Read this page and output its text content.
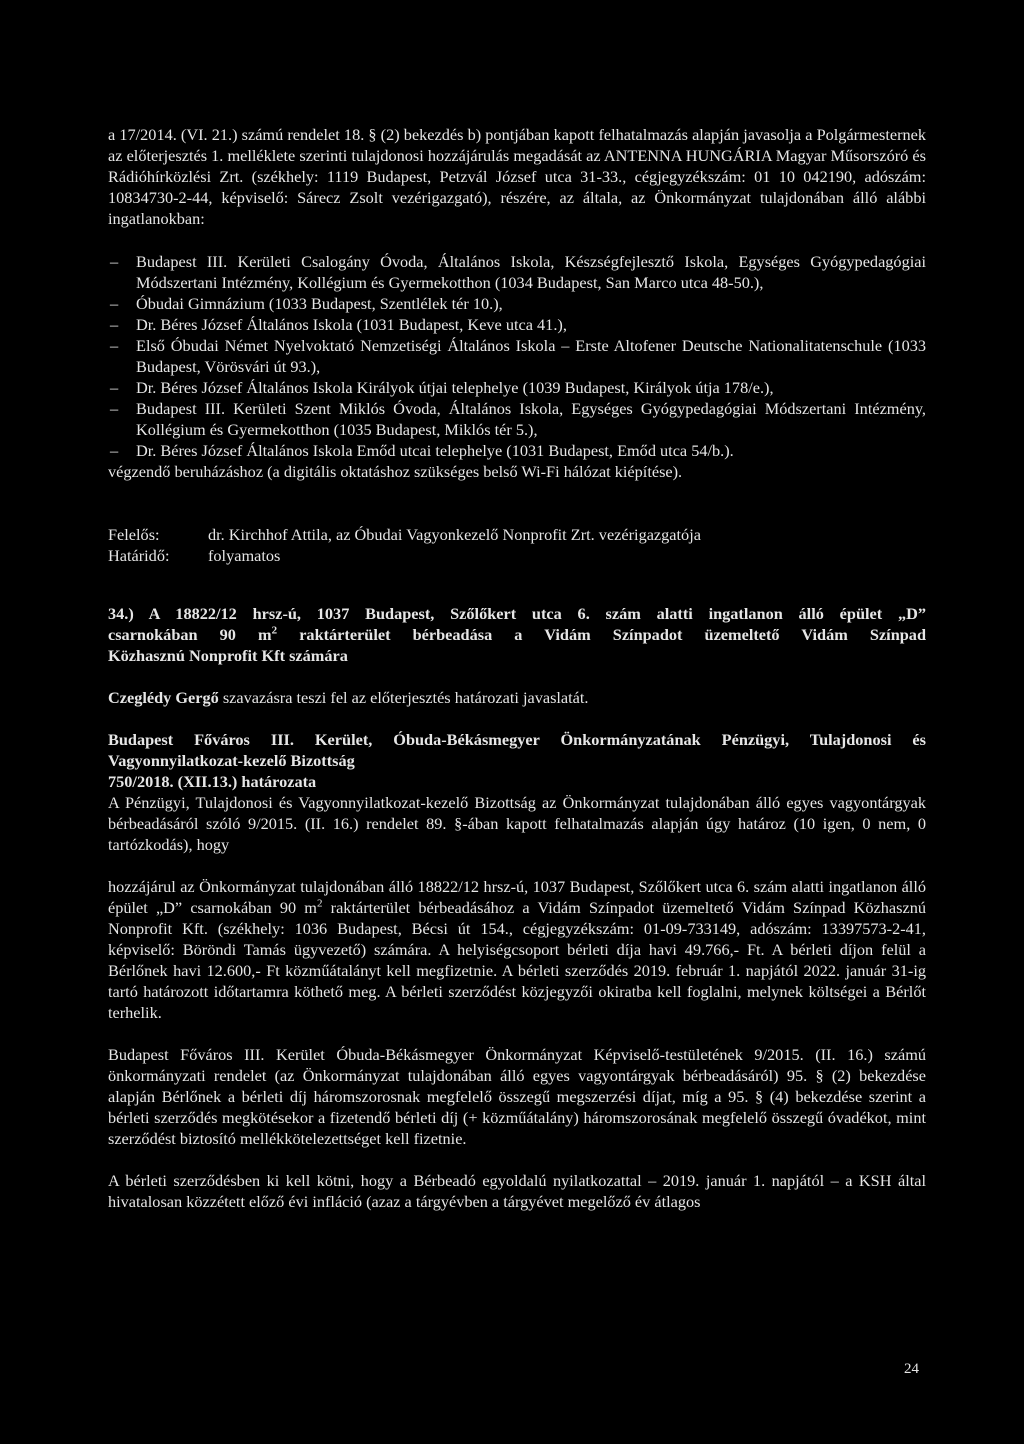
a 17/2014. (VI. 21.) számú rendelet 18. § (2) bekezdés b) pontjában kapott felhatalmazás alapján javasolja a Polgármesternek az előterjesztés 1. melléklete szerinti tulajdonosi hozzájárulás megadását az ANTENNA HUNGÁRIA Magyar Műsorszóró és Rádióhírközlési Zrt. (székhely: 1119 Budapest, Petzvál József utca 31-33., cégjegyzékszám: 01 10 042190, adószám: 10834730-2-44, képviselő: Sárecz Zsolt vezérigazgató), részére, az általa, az Önkormányzat tulajdonában álló alábbi ingatlanokban:

–	Budapest III. Kerületi Csalogány Óvoda, Általános Iskola, Készségfejlesztő Iskola, Egységes Gyógypedagógiai Módszertani Intézmény, Kollégium és Gyermekotthon (1034 Budapest, San Marco utca 48-50.),
–	Óbudai Gimnázium (1033 Budapest, Szentlélek tér 10.),
–	Dr. Béres József Általános Iskola (1031 Budapest, Keve utca 41.),
–	Első Óbudai Német Nyelvoktató Nemzetiségi Általános Iskola – Erste Altofener Deutsche Nationalitatenschule (1033 Budapest, Vörösvári út 93.),
–	Dr. Béres József Általános Iskola Királyok útjai telephelye (1039 Budapest, Királyok útja 178/e.),
–	Budapest III. Kerületi Szent Miklós Óvoda, Általános Iskola, Egységes Gyógypedagógiai Módszertani Intézmény, Kollégium és Gyermekotthon (1035 Budapest, Miklós tér 5.),
–	Dr. Béres József Általános Iskola Emőd utcai telephelye (1031 Budapest, Emőd utca 54/b.).

végzendő beruházáshoz (a digitális oktatáshoz szükséges belső Wi-Fi hálózat kiépítése).

Felelős:	dr. Kirchhof Attila, az Óbudai Vagyonkezelő Nonprofit Zrt. vezérigazgatója
Határidő:	folyamatos

34.) A 18822/12 hrsz-ú, 1037 Budapest, Szőlőkert utca 6. szám alatti ingatlanon álló épület „D”

csarnokában 90 $m^2$ raktárterület bérbeadása a Vidám Színpadot üzemeltető Vidám Színpad

Közhasznú Nonprofit Kft számára

Czeglédy Gergő szavazásra teszi fel az előterjesztés határozati javaslatát.

Budapest Főváros III. Kerület, Óbuda-Békásmegyer Önkormányzatának Pénzügyi, Tulajdonosi és Vagyonnyilatkozat-kezelő Bizottság

750/2018. (XII.13.) határozata

A Pénzügyi, Tulajdonosi és Vagyonnyilatkozat-kezelő Bizottság az Önkormányzat tulajdonában álló egyes vagyontárgyak bérbeadásáról szóló 9/2015. (II. 16.) rendelet 89. §-ában kapott felhatalmazás alapján úgy határoz (10 igen, 0 nem, 0 tartózkodás), hogy

hozzájárul az Önkormányzat tulajdonában álló 18822/12 hrsz-ú, 1037 Budapest, Szőlőkert utca 6. szám alatti ingatlanon álló épület „D” csarnokában 90 $m^2$ raktárterület bérbeadásához a Vidám Színpadot üzemeltető Vidám Színpad Közhasznú Nonprofit Kft. (székhely: 1036 Budapest, Bécsi út 154., cégjegyzékszám: 01-09-733149, adószám: 13397573-2-41, képviselő: Böröndi Tamás ügyvezető) számára. A helyiségcsoport bérleti díja havi 49.766,- Ft. A bérleti díjon felül a Bérlőnek havi 12.600,- Ft közműátalányt kell megfizetnie. A bérleti szerződés 2019. február 1. napjától 2022. január 31-ig tartó határozott időtartamra köthető meg. A bérleti szerződést közjegyzői okiratba kell foglalni, melynek költségei a Bérlőt terhelik.

Budapest Főváros III. Kerület Óbuda-Békásmegyer Önkormányzat Képviselő-testületének 9/2015. (II. 16.) számú önkormányzati rendelet (az Önkormányzat tulajdonában álló egyes vagyontárgyak bérbeadásáról) 95. § (2) bekezdése alapján Bérlőnek a bérleti díj háromszorosnak megfelelő összegű megszerzési díjat, míg a 95. § (4) bekezdése szerint a bérleti szerződés megkötésekor a fizetendő bérleti díj (+ közműátalány) háromszorosának megfelelő összegű óvadékot, mint szerződést biztosító mellékkötelezettséget kell fizetnie.

A bérleti szerződésben ki kell kötni, hogy a Bérbeadó egyoldalú nyilatkozattal – 2019. január 1. napjától – a KSH által hivatalosan közzétett előző évi infláció (azaz a tárgyévben a tárgyévet megelőző év átlagos

24
